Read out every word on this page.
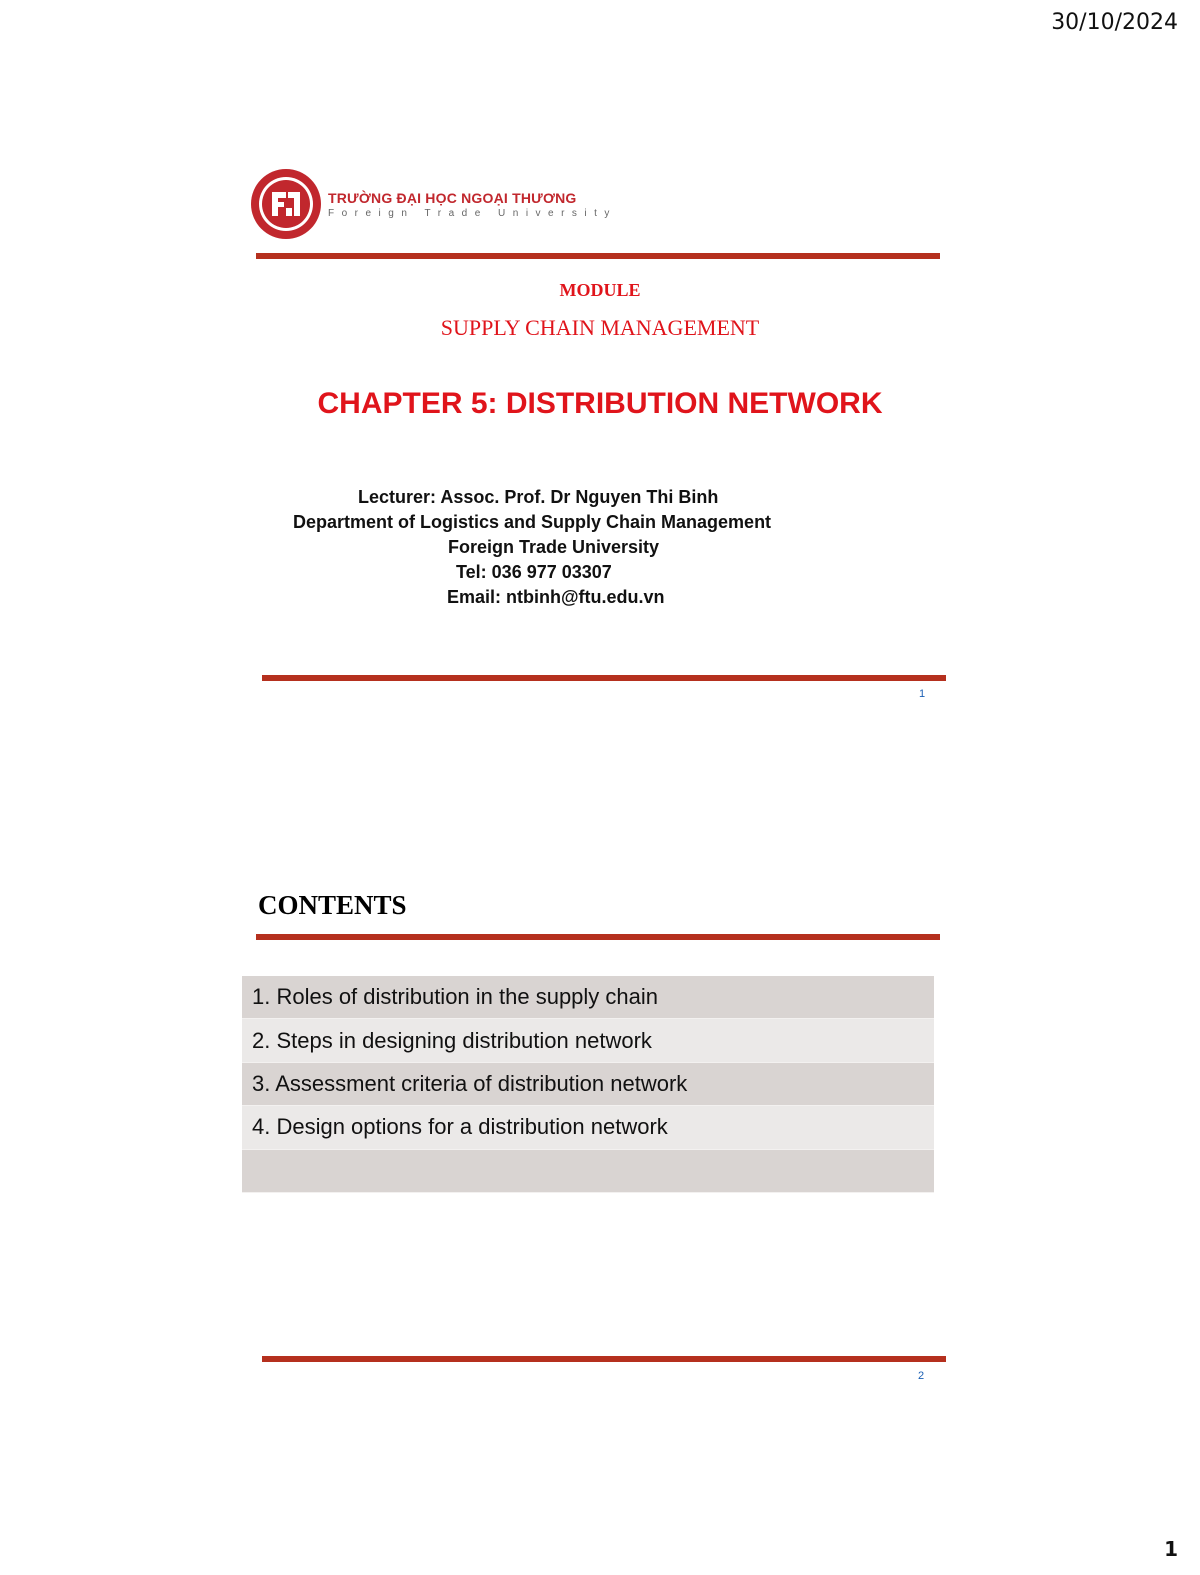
30/10/2024
TRƯỜNG ĐẠI HỌC NGOẠI THƯƠNG
Foreign Trade University
MODULE
SUPPLY CHAIN MANAGEMENT
CHAPTER 5: DISTRIBUTION NETWORK
Lecturer: Assoc. Prof. Dr Nguyen Thi Binh
Department of Logistics and Supply Chain Management
Foreign Trade University
Tel: 036 977 03307
Email: ntbinh@ftu.edu.vn
1
CONTENTS
1. Roles of distribution in the supply chain
2. Steps in designing distribution network
3. Assessment criteria of distribution network
4. Design options for a distribution network
2
1
